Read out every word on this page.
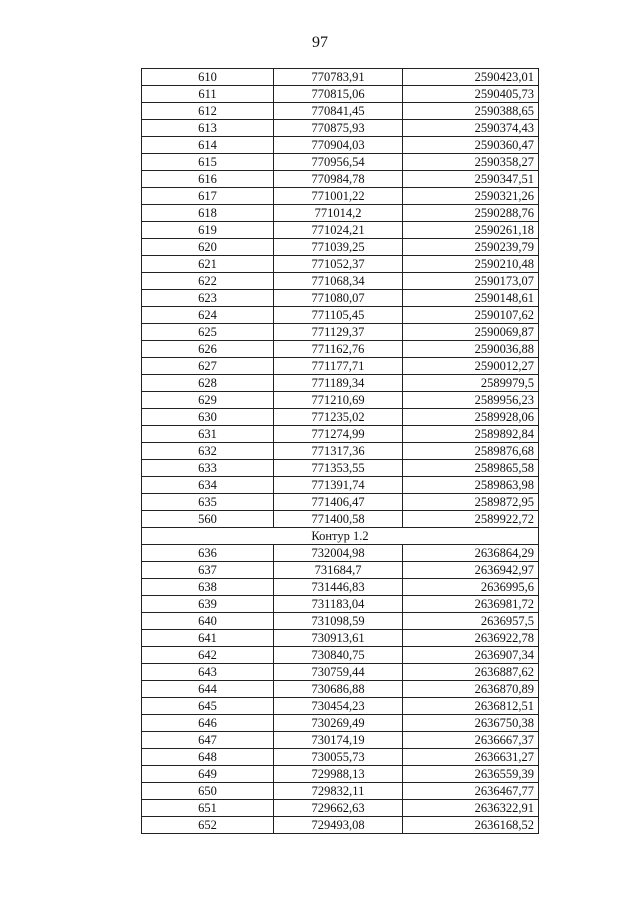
97
610	770783,91	2590423,01
611	770815,06	2590405,73
612	770841,45	2590388,65
613	770875,93	2590374,43
614	770904,03	2590360,47
615	770956,54	2590358,27
616	770984,78	2590347,51
617	771001,22	2590321,26
618	771014,2	2590288,76
619	771024,21	2590261,18
620	771039,25	2590239,79
621	771052,37	2590210,48
622	771068,34	2590173,07
623	771080,07	2590148,61
624	771105,45	2590107,62
625	771129,37	2590069,87
626	771162,76	2590036,88
627	771177,71	2590012,27
628	771189,34	2589979,5
629	771210,69	2589956,23
630	771235,02	2589928,06
631	771274,99	2589892,84
632	771317,36	2589876,68
633	771353,55	2589865,58
634	771391,74	2589863,98
635	771406,47	2589872,95
560	771400,58	2589922,72
Контур 1.2		
636	732004,98	2636864,29
637	731684,7	2636942,97
638	731446,83	2636995,6
639	731183,04	2636981,72
640	731098,59	2636957,5
641	730913,61	2636922,78
642	730840,75	2636907,34
643	730759,44	2636887,62
644	730686,88	2636870,89
645	730454,23	2636812,51
646	730269,49	2636750,38
647	730174,19	2636667,37
648	730055,73	2636631,27
649	729988,13	2636559,39
650	729832,11	2636467,77
651	729662,63	2636322,91
652	729493,08	2636168,52
